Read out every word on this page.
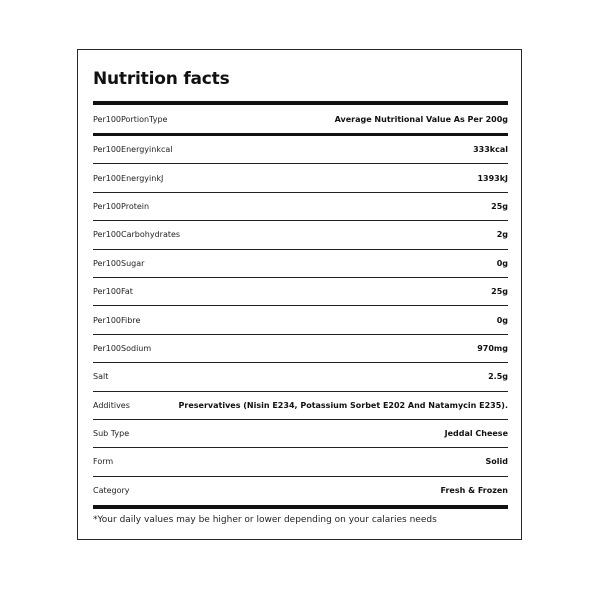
Nutrition facts
Per100PortionType	Average Nutritional Value As Per 200g
Per100Energyinkcal	333kcal
Per100EnergyinkJ	1393kJ
Per100Protein	25g
Per100Carbohydrates	2g
Per100Sugar	0g
Per100Fat	25g
Per100Fibre	0g
Per100Sodium	970mg
Salt	2.5g
Additives	Preservatives (Nisin E234, Potassium Sorbet E202 And Natamycin E235).
Sub Type	Jeddal Cheese
Form	Solid
Category	Fresh & Frozen
*Your daily values may be higher or lower depending on your calaries needs
